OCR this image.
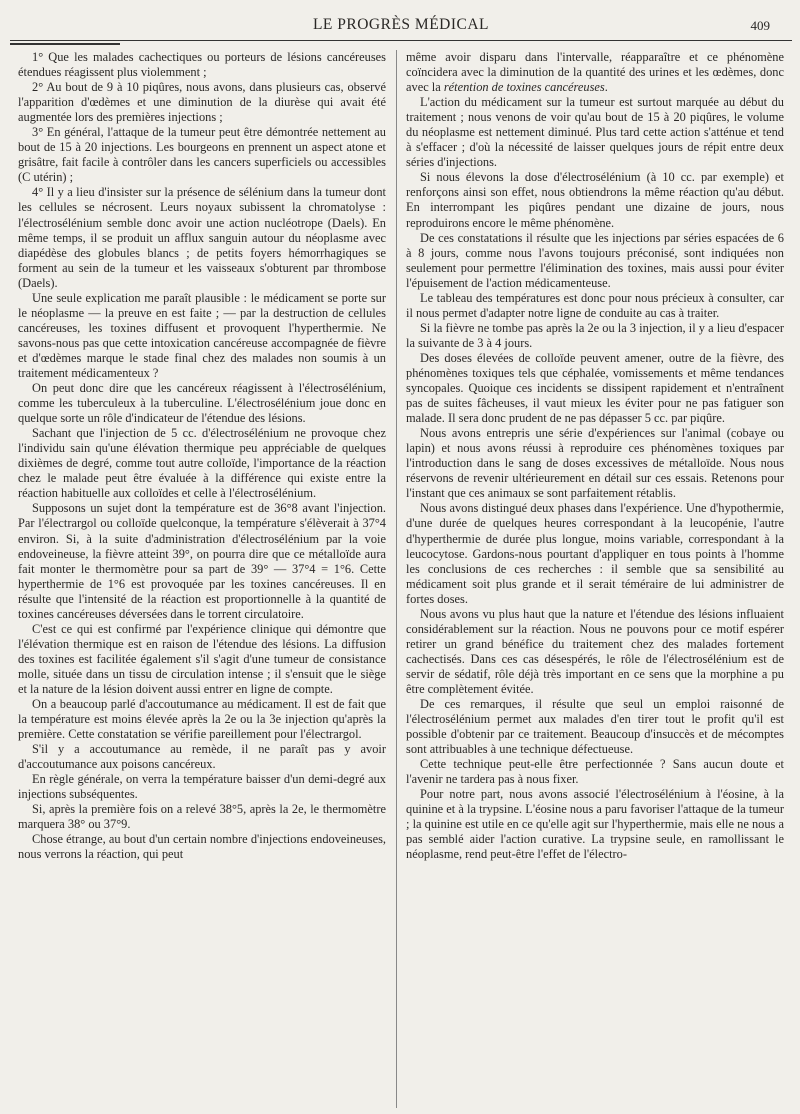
LE PROGRÈS MÉDICAL	409

1° Que les malades cachectiques ou porteurs de lésions cancéreuses étendues réagissent plus violemment ;

2° Au bout de 9 à 10 piqûres, nous avons, dans plusieurs cas, observé l'apparition d'œdèmes et une diminution de la diurèse qui avait été augmentée lors des premières injections ;

3° En général, l'attaque de la tumeur peut être démontrée nettement au bout de 15 à 20 injections. Les bourgeons en prennent un aspect atone et grisâtre, fait facile à contrôler dans les cancers superficiels ou accessibles (C utérin) ;

4° Il y a lieu d'insister sur la présence de sélénium dans la tumeur dont les cellules se nécrosent. Leurs noyaux subissent la chromatolyse : l'électrosélénium semble donc avoir une action nucléotrope (Daels). En même temps, il se produit un afflux sanguin autour du néoplasme avec diapédèse des globules blancs ; de petits foyers hémorrhagiques se forment au sein de la tumeur et les vaisseaux s'obturent par thrombose (Daels).

Une seule explication me paraît plausible : le médicament se porte sur le néoplasme — la preuve en est faite ; — par la destruction de cellules cancéreuses, les toxines diffusent et provoquent l'hyperthermie. Ne savons-nous pas que cette intoxication cancéreuse accompagnée de fièvre et d'œdèmes marque le stade final chez des malades non soumis à un traitement médicamenteux ?

On peut donc dire que les cancéreux réagissent à l'électrosélénium, comme les tuberculeux à la tuberculine. L'électrosélénium joue donc en quelque sorte un rôle d'indicateur de l'étendue des lésions.

Sachant que l'injection de 5 cc. d'électrosélénium ne provoque chez l'individu sain qu'une élévation thermique peu appréciable de quelques dixièmes de degré, comme tout autre colloïde, l'importance de la réaction chez le malade peut être évaluée à la différence qui existe entre la réaction habituelle aux colloïdes et celle à l'électrosélénium.

Supposons un sujet dont la température est de 36°8 avant l'injection. Par l'électrargol ou colloïde quelconque, la température s'élèverait à 37°4 environ. Si, à la suite d'administration d'électrosélénium par la voie endoveineuse, la fièvre atteint 39°, on pourra dire que ce métalloïde aura fait monter le thermomètre pour sa part de 39° — 37°4 = 1°6. Cette hyperthermie de 1°6 est provoquée par les toxines cancéreuses. Il en résulte que l'intensité de la réaction est proportionnelle à la quantité de toxines cancéreuses déversées dans le torrent circulatoire.

C'est ce qui est confirmé par l'expérience clinique qui démontre que l'élévation thermique est en raison de l'étendue des lésions. La diffusion des toxines est facilitée également s'il s'agit d'une tumeur de consistance molle, située dans un tissu de circulation intense ; il s'ensuit que le siège et la nature de la lésion doivent aussi entrer en ligne de compte.

On a beaucoup parlé d'accoutumance au médicament. Il est de fait que la température est moins élevée après la 2e ou la 3e injection qu'après la première. Cette constatation se vérifie pareillement pour l'électrargol.

S'il y a accoutumance au remède, il ne paraît pas y avoir d'accoutumance aux poisons cancéreux.

En règle générale, on verra la température baisser d'un demi-degré aux injections subséquentes.

Si, après la première fois on a relevé 38°5, après la 2e, le thermomètre marquera 38° ou 37°9.

Chose étrange, au bout d'un certain nombre d'injections endoveineuses, nous verrons la réaction, qui peut

même avoir disparu dans l'intervalle, réapparaître et ce phénomène coïncidera avec la diminution de la quantité des urines et les œdèmes, donc avec la rétention de toxines cancéreuses.

L'action du médicament sur la tumeur est surtout marquée au début du traitement ; nous venons de voir qu'au bout de 15 à 20 piqûres, le volume du néoplasme est nettement diminué. Plus tard cette action s'atténue et tend à s'effacer ; d'où la nécessité de laisser quelques jours de répit entre deux séries d'injections.

Si nous élevons la dose d'électrosélénium (à 10 cc. par exemple) et renforçons ainsi son effet, nous obtiendrons la même réaction qu'au début. En interrompant les piqûres pendant une dizaine de jours, nous reproduirons encore le même phénomène.

De ces constatations il résulte que les injections par séries espacées de 6 à 8 jours, comme nous l'avons toujours préconisé, sont indiquées non seulement pour permettre l'élimination des toxines, mais aussi pour éviter l'épuisement de l'action médicamenteuse.

Le tableau des températures est donc pour nous précieux à consulter, car il nous permet d'adapter notre ligne de conduite au cas à traiter.

Si la fièvre ne tombe pas après la 2e ou la 3 injection, il y a lieu d'espacer la suivante de 3 à 4 jours.

Des doses élevées de colloïde peuvent amener, outre de la fièvre, des phénomènes toxiques tels que céphalée, vomissements et même tendances syncopales. Quoique ces incidents se dissipent rapidement et n'entraînent pas de suites fâcheuses, il vaut mieux les éviter pour ne pas fatiguer son malade. Il sera donc prudent de ne pas dépasser 5 cc. par piqûre.

Nous avons entrepris une série d'expériences sur l'animal (cobaye ou lapin) et nous avons réussi à reproduire ces phénomènes toxiques par l'introduction dans le sang de doses excessives de métalloïde. Nous nous réservons de revenir ultérieurement en détail sur ces essais. Retenons pour l'instant que ces animaux se sont parfaitement rétablis.

Nous avons distingué deux phases dans l'expérience. Une d'hypothermie, d'une durée de quelques heures correspondant à la leucopénie, l'autre d'hyperthermie de durée plus longue, moins variable, correspondant à la leucocytose. Gardons-nous pourtant d'appliquer en tous points à l'homme les conclusions de ces recherches : il semble que sa sensibilité au médicament soit plus grande et il serait téméraire de lui administrer de fortes doses.

Nous avons vu plus haut que la nature et l'étendue des lésions influaient considérablement sur la réaction. Nous ne pouvons pour ce motif espérer retirer un grand bénéfice du traitement chez des malades fortement cachectisés. Dans ces cas désespérés, le rôle de l'électrosélénium est de servir de sédatif, rôle déjà très important en ce sens que la morphine a pu être complètement évitée.

De ces remarques, il résulte que seul un emploi raisonné de l'électrosélénium permet aux malades d'en tirer tout le profit qu'il est possible d'obtenir par ce traitement. Beaucoup d'insuccès et de mécomptes sont attribuables à une technique défectueuse.

Cette technique peut-elle être perfectionnée ? Sans aucun doute et l'avenir ne tardera pas à nous fixer.

Pour notre part, nous avons associé l'électrosélénium à l'éosine, à la quinine et à la trypsine. L'éosine nous a paru favoriser l'attaque de la tumeur ; la quinine est utile en ce qu'elle agit sur l'hyperthermie, mais elle ne nous a pas semblé aider l'action curative. La trypsine seule, en ramollissant le néoplasme, rend peut-être l'effet de l'électro-
